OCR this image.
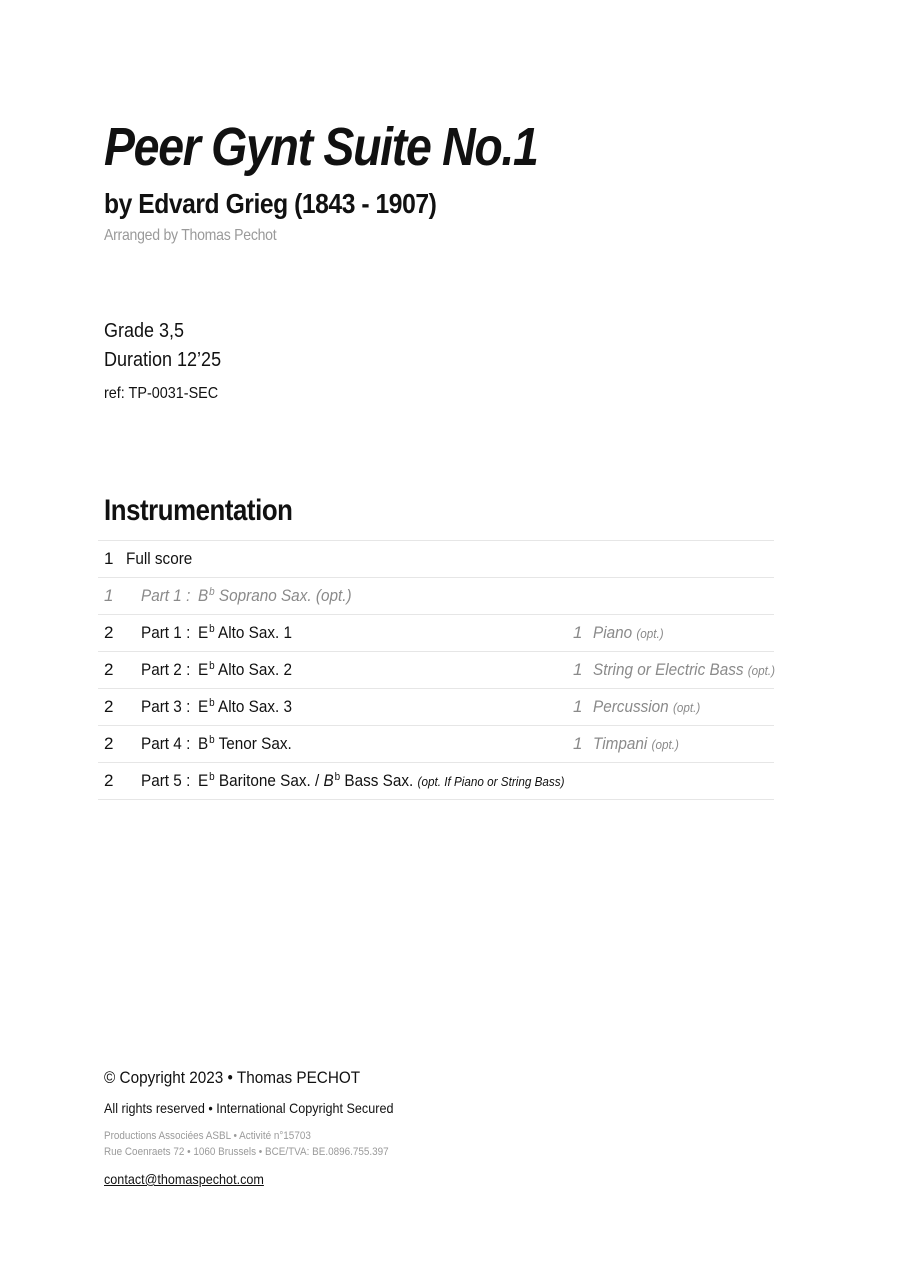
Peer Gynt Suite No.1
by Edvard Grieg (1843 - 1907)
Arranged by Thomas Pechot
Grade 3,5
Duration 12’25
ref: TP-0031-SEC
Instrumentation
1 Full score
1 Part 1 : $B^b$ Soprano Sax. (opt.)
2 Part 1 : $E^b$ Alto Sax. 1	1 Piano (opt.)
2 Part 2 : $E^b$ Alto Sax. 2	1 String or Electric Bass (opt.)
2 Part 3 : $E^b$ Alto Sax. 3	1 Percussion (opt.)
2 Part 4 : $B^b$ Tenor Sax.	1 Timpani (opt.)
2 Part 5 : $E^b$ Baritone Sax. / $B^b$ Bass Sax. (opt. If Piano or String Bass)
© Copyright 2023 • Thomas PECHOT
All rights reserved • International Copyright Secured
Productions Associées ASBL • Activité n°15703
Rue Coenraets 72 • 1060 Brussels • BCE/TVA: BE.0896.755.397
contact@thomaspechot.com
